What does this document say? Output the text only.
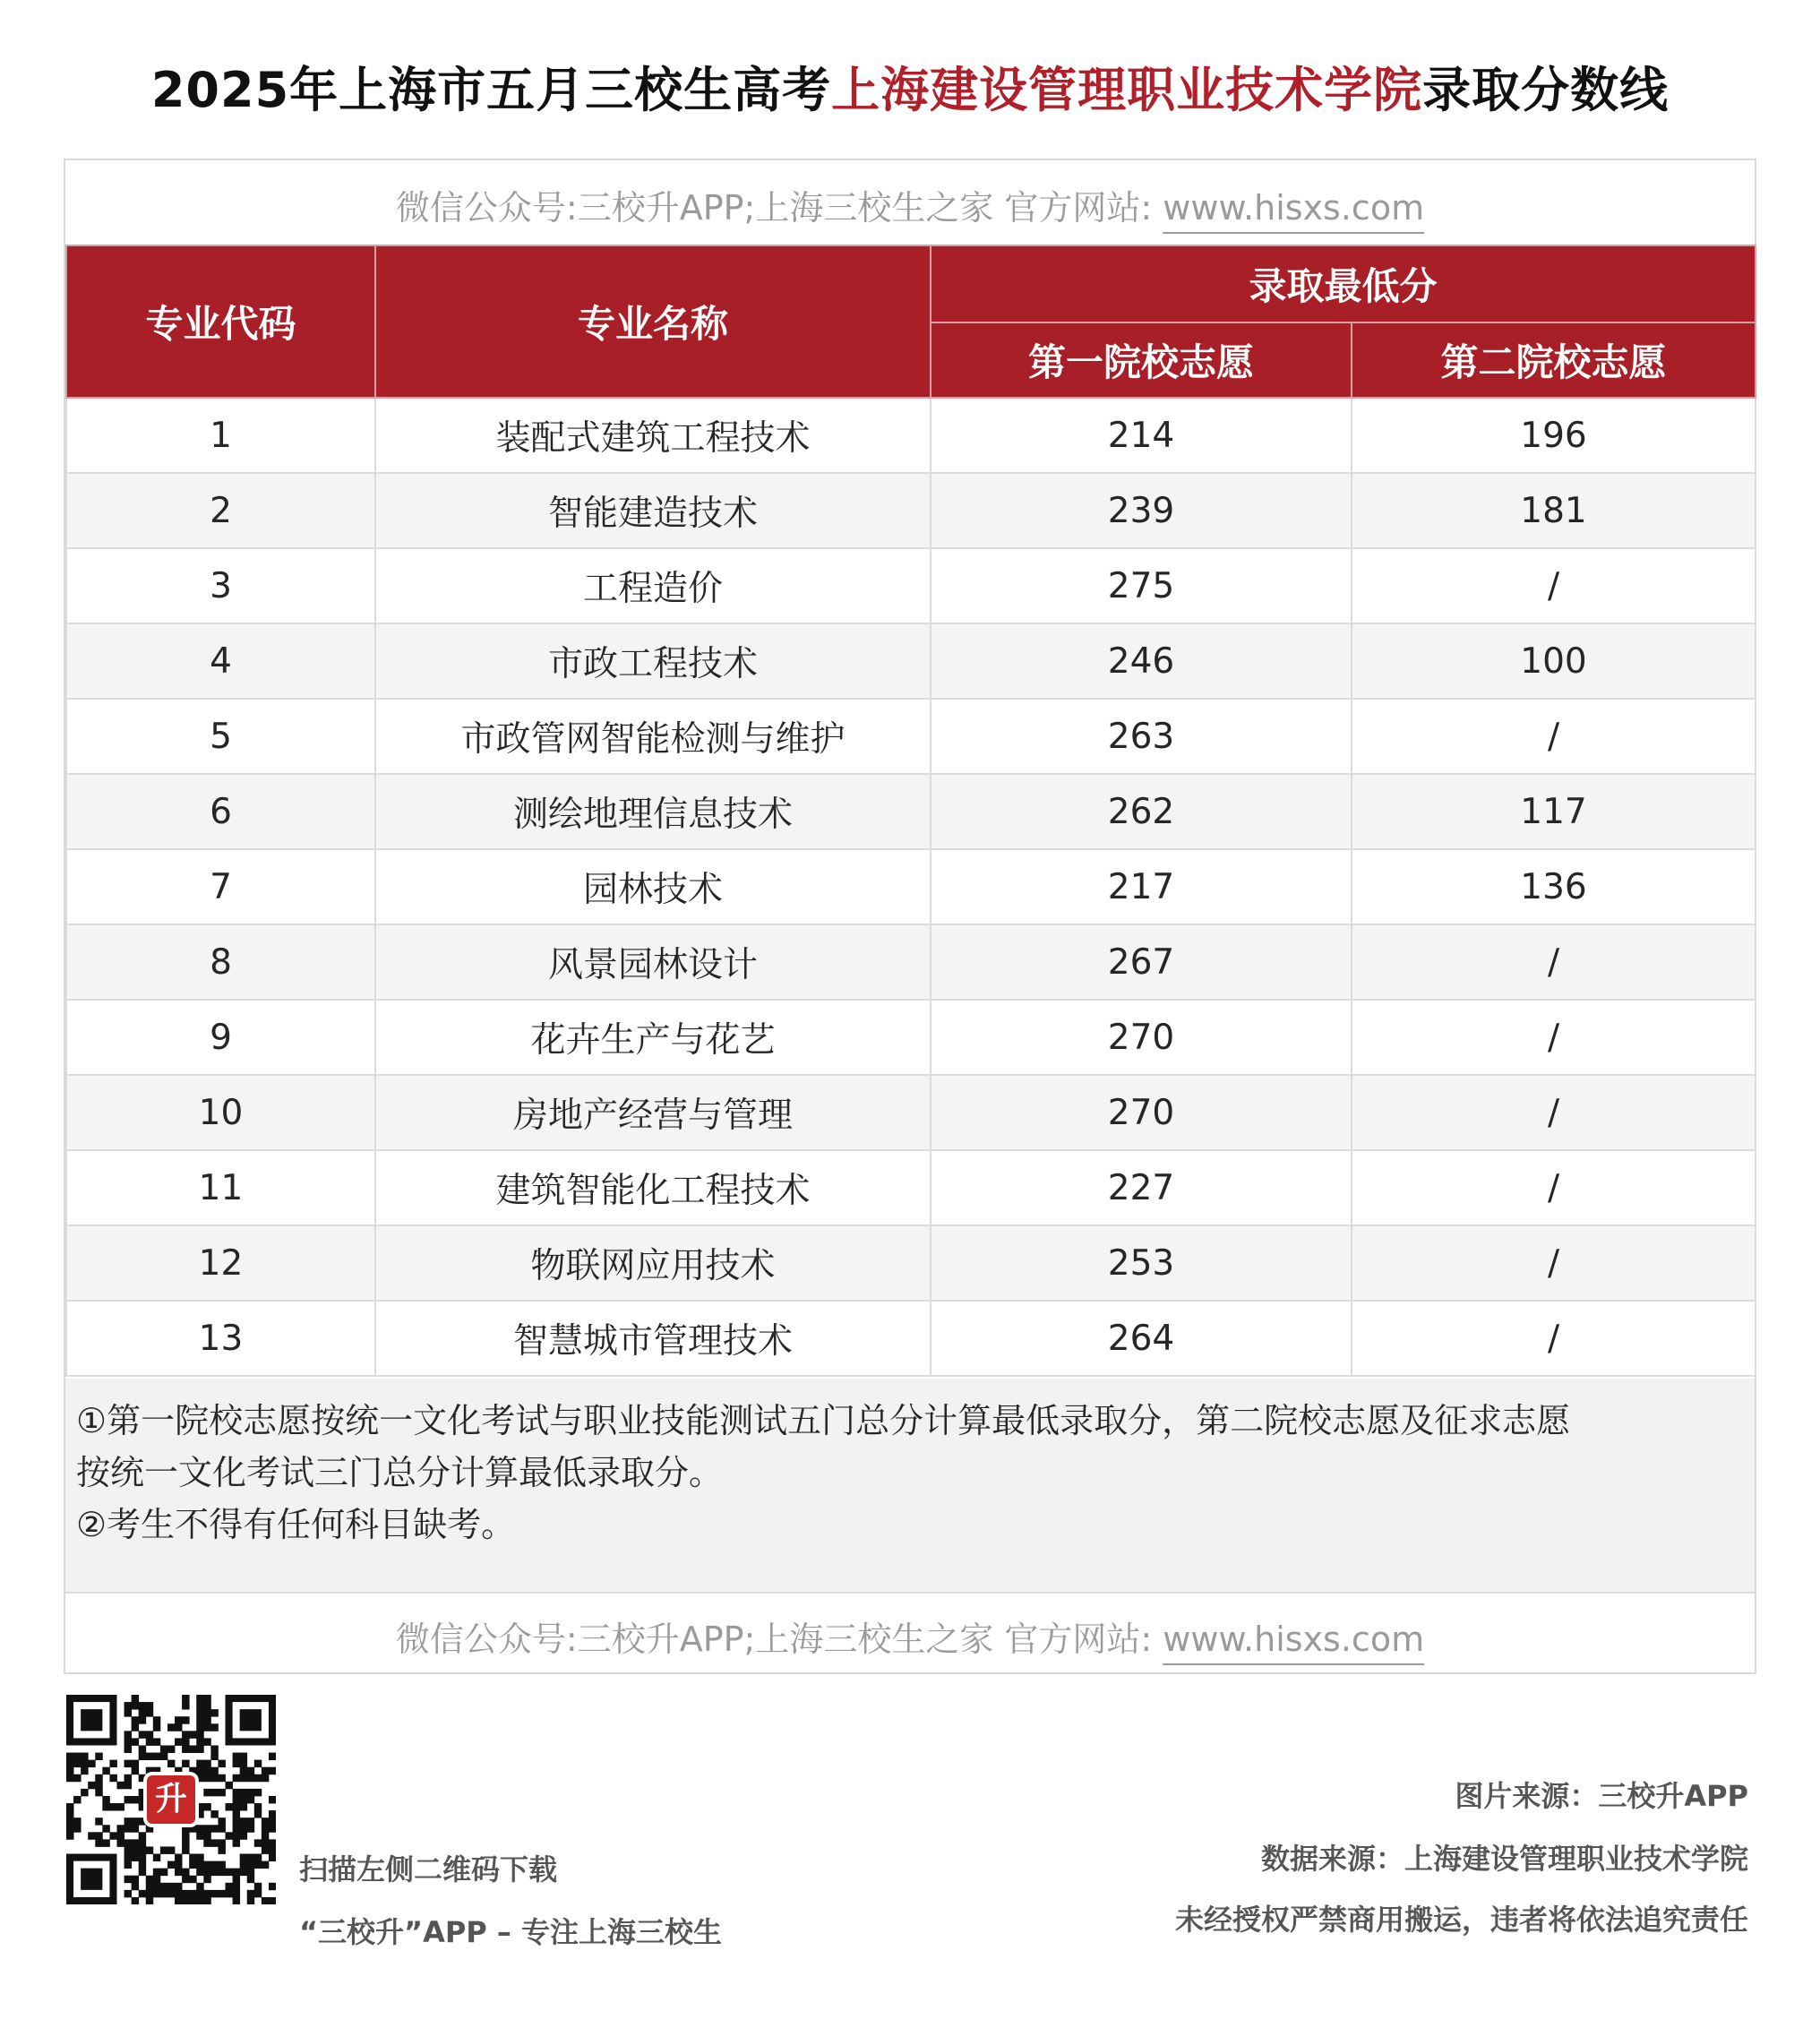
2025年上海市五月三校生高考上海建设管理职业技术学院录取分数线
微信公众号:三校升APP;上海三校生之家 官方网站: www.hisxs.com
专业代码	专业名称	录取最低分	
		第一院校志愿	第二院校志愿
1	装配式建筑工程技术	214	196
2	智能建造技术	239	181
3	工程造价	275	/
4	市政工程技术	246	100
5	市政管网智能检测与维护	263	/
6	测绘地理信息技术	262	117
7	园林技术	217	136
8	风景园林设计	267	/
9	花卉生产与花艺	270	/
10	房地产经营与管理	270	/
11	建筑智能化工程技术	227	/
12	物联网应用技术	253	/
13	智慧城市管理技术	264	/

①第一院校志愿按统一文化考试与职业技能测试五门总分计算最低录取分，第二院校志愿及征求志愿

按统一文化考试三门总分计算最低录取分。

②考生不得有任何科目缺考。

微信公众号:三校升APP;上海三校生之家 官方网站: www.hisxs.com
升
扫描左侧二维码下载
“三校升”APP – 专注上海三校生
图片来源：三校升APP
数据来源：上海建设管理职业技术学院
未经授权严禁商用搬运，违者将依法追究责任
